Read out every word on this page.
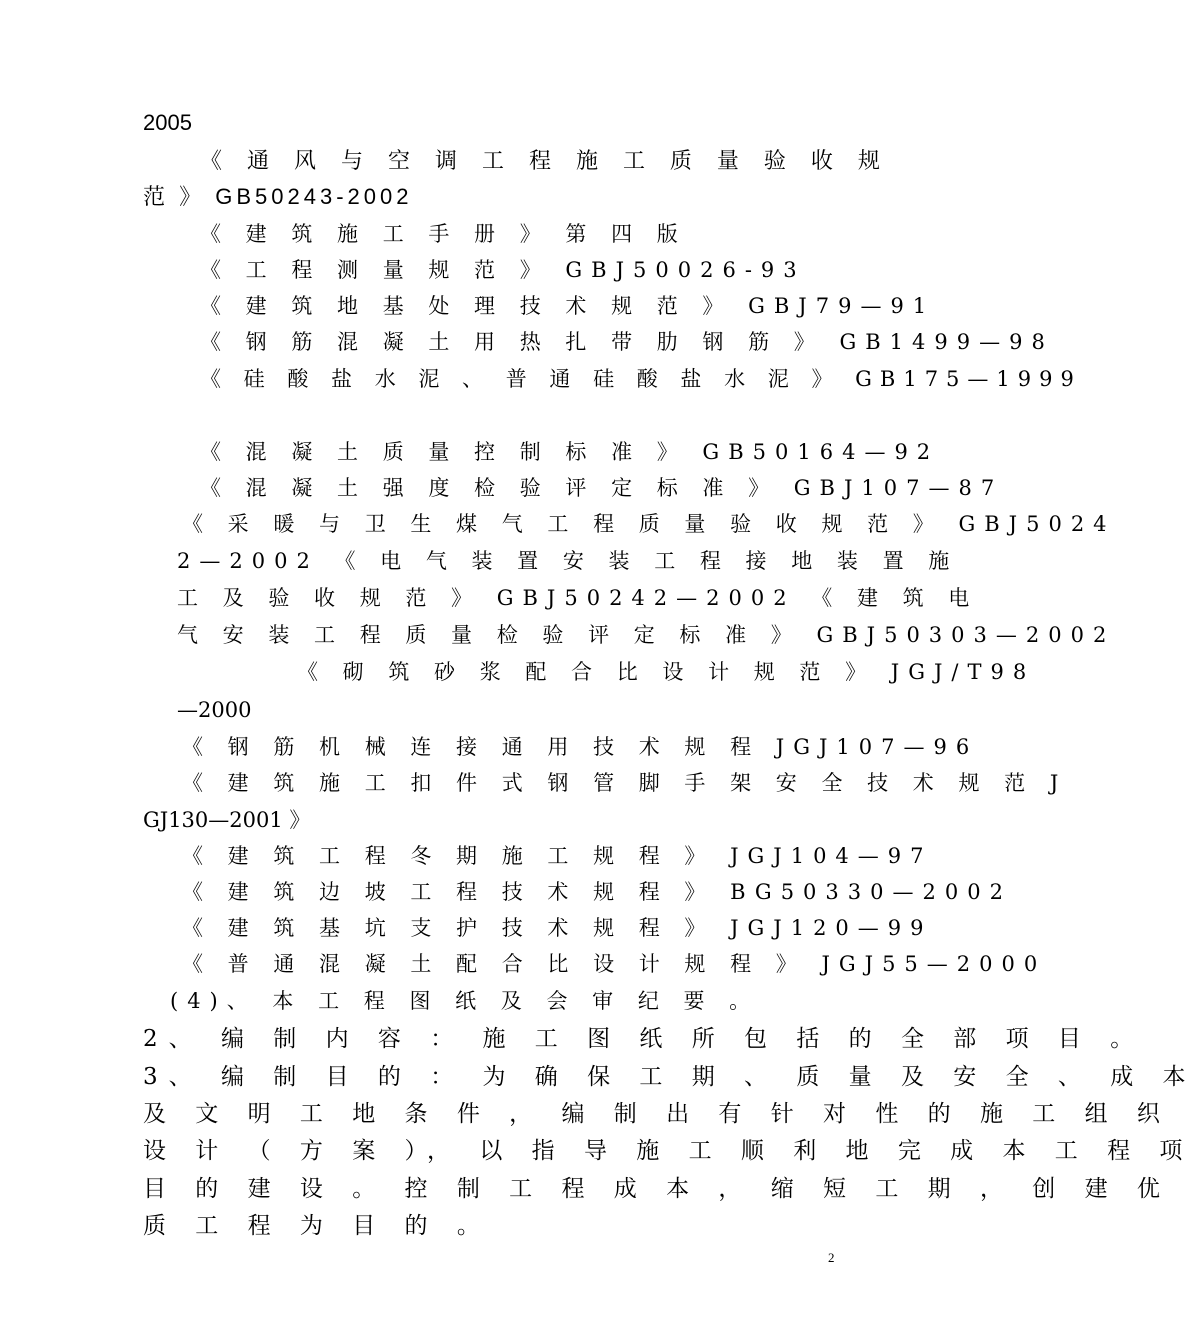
2005

《 通 风 与 空 调 工 程 施 工 质 量 验 收 规

范 》 GB50243-2002

《 建 筑 施 工 手 册 》 第 四 版

《 工 程 测 量 规 范 》 GBJ50026-93

《 建 筑 地 基 处 理 技 术 规 范 》 GBJ79—91

《 钢 筋 混 凝 土 用 热 扎 带 肋 钢 筋 》 GB1499—98

《 硅 酸 盐 水 泥 、 普 通 硅 酸 盐 水 泥 》 GB175—1999

《 混 凝 土 质 量 控 制 标 准 》 GB50164—92

《 混 凝 土 强 度 检 验 评 定 标 准 》 GBJ107—87

《 采 暖 与 卫 生 煤 气 工 程 质 量 验 收 规 范 》 GBJ5024

2—2002 《 电 气 装 置 安 装 工 程 接 地 装 置 施

工 及 验 收 规 范 》 GBJ50242—2002 《 建 筑 电

气 安 装 工 程 质 量 检 验 评 定 标 准 》 GBJ50303—2002

《 砌 筑 砂 浆 配 合 比 设 计 规 范 》 JGJ/T98

—2000

《 钢 筋 机 械 连 接 通 用 技 术 规 程 JGJ107—96

《 建 筑 施 工 扣 件 式 钢 管 脚 手 架 安 全 技 术 规 范 J

GJ130—2001 》

《 建 筑 工 程 冬 期 施 工 规 程 》 JGJ104—97

《 建 筑 边 坡 工 程 技 术 规 程 》 BG50330—2002

《 建 筑 基 坑 支 护 技 术 规 程 》 JGJ120—99

《 普 通 混 凝 土 配 合 比 设 计 规 程 》 JGJ55—2000

(4)、 本 工 程 图 纸 及 会 审 纪 要 。

2、 编 制 内 容 ： 施 工 图 纸 所 包 括 的 全 部 项 目 。

3、 编 制 目 的 ： 为 确 保 工 期 、 质 量 及 安 全 、 成 本

及 文 明 工 地 条 件 ， 编 制 出 有 针 对 性 的 施 工 组 织

设 计 （ 方 案 ）， 以 指 导 施 工 顺 利 地 完 成 本 工 程 项

目 的 建 设 。 控 制 工 程 成 本 ， 缩 短 工 期 ， 创 建 优

质 工 程 为 目 的 。

2
